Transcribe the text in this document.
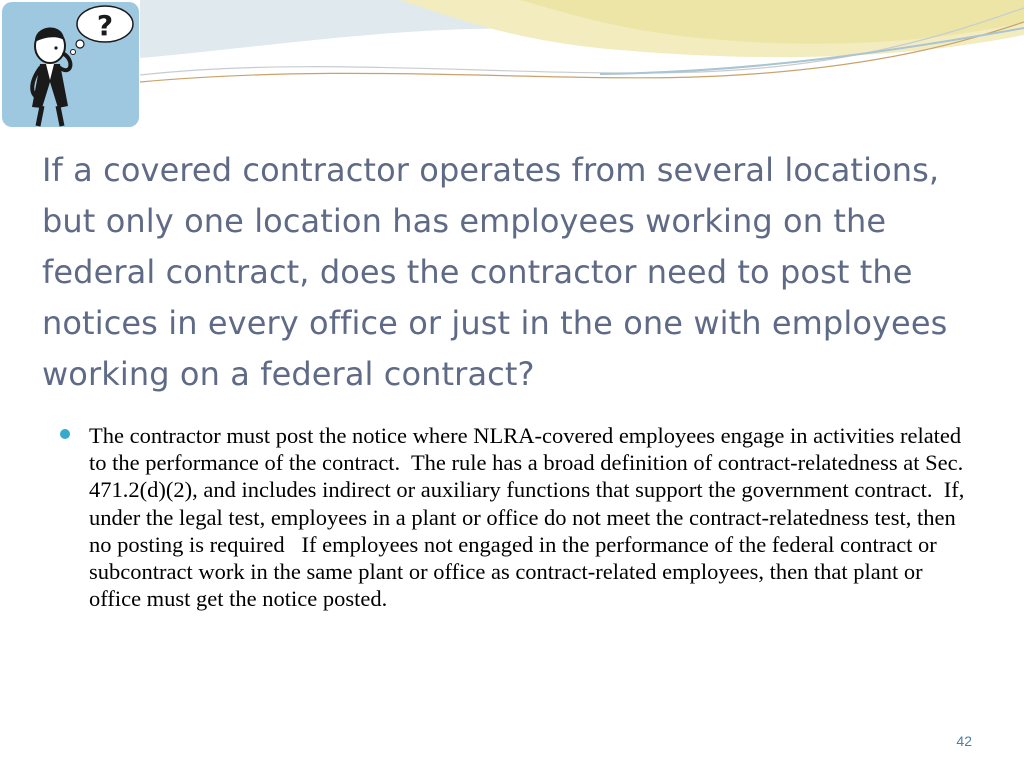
?
If a covered contractor operates from several locations, but only one location has employees working on the federal contract, does the contractor need to post the notices in every office or just in the one with employees working on a federal contract?
The contractor must post the notice where NLRA-covered employees engage in activities related to the performance of the contract.  The rule has a broad definition of contract-relatedness at Sec. 471.2(d)(2), and includes indirect or auxiliary functions that support the government contract.  If, under the legal test, employees in a plant or office do not meet the contract-relatedness test, then no posting is required   If employees not engaged in the performance of the federal contract or subcontract work in the same plant or office as contract-related employees, then that plant or office must get the notice posted.
42
